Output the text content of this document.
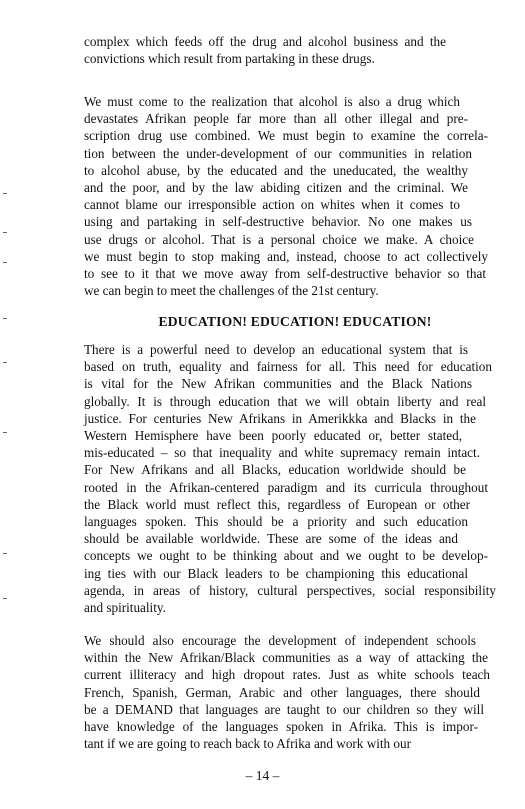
complex which feeds off the drug and alcohol business and the
convictions which result from partaking in these drugs.
We must come to the realization that alcohol is also a drug which
devastates Afrikan people far more than all other illegal and pre-
scription drug use combined. We must begin to examine the correla-
tion between the under-development of our communities in relation
to alcohol abuse, by the educated and the uneducated, the wealthy
and the poor, and by the law abiding citizen and the criminal. We
cannot blame our irresponsible action on whites when it comes to
using and partaking in self-destructive behavior. No one makes us
use drugs or alcohol. That is a personal choice we make. A choice
we must begin to stop making and, instead, choose to act collectively
to see to it that we move away from self-destructive behavior so that
we can begin to meet the challenges of the 21st century.
EDUCATION! EDUCATION! EDUCATION!
There is a powerful need to develop an educational system that is
based on truth, equality and fairness for all. This need for education
is vital for the New Afrikan communities and the Black Nations
globally. It is through education that we will obtain liberty and real
justice. For centuries New Afrikans in Amerikkka and Blacks in the
Western Hemisphere have been poorly educated or, better stated,
mis-educated – so that inequality and white supremacy remain intact.
For New Afrikans and all Blacks, education worldwide should be
rooted in the Afrikan-centered paradigm and its curricula throughout
the Black world must reflect this, regardless of European or other
languages spoken. This should be a priority and such education
should be available worldwide. These are some of the ideas and
concepts we ought to be thinking about and we ought to be develop-
ing ties with our Black leaders to be championing this educational
agenda, in areas of history, cultural perspectives, social responsibility
and spirituality.
We should also encourage the development of independent schools
within the New Afrikan/Black communities as a way of attacking the
current illiteracy and high dropout rates. Just as white schools teach
French, Spanish, German, Arabic and other languages, there should
be a DEMAND that languages are taught to our children so they will
have knowledge of the languages spoken in Afrika. This is impor-
tant if we are going to reach back to Afrika and work with our
– 14 –
